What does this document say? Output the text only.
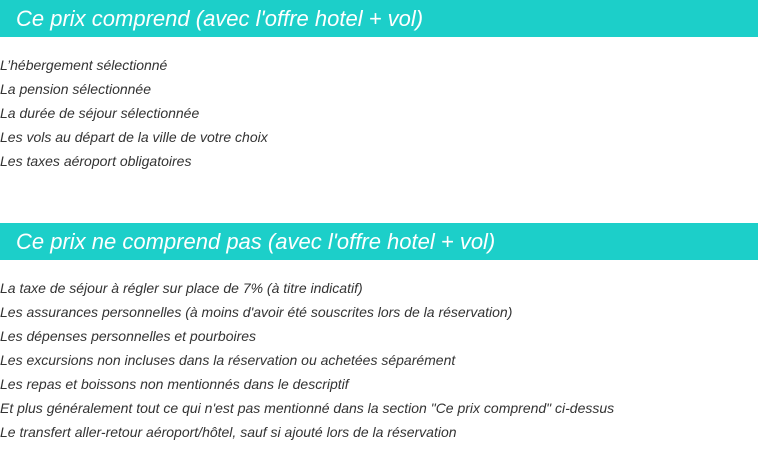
Ce prix comprend (avec l'offre hotel + vol)
L’hébergement sélectionné
La pension sélectionnée
La durée de séjour sélectionnée
Les vols au départ de la ville de votre choix
Les taxes aéroport obligatoires
Ce prix ne comprend pas (avec l'offre hotel + vol)
La taxe de séjour à régler sur place de 7% (à titre indicatif)
Les assurances personnelles (à moins d'avoir été souscrites lors de la réservation)
Les dépenses personnelles et pourboires
Les excursions non incluses dans la réservation ou achetées séparément
Les repas et boissons non mentionnés dans le descriptif
Et plus généralement tout ce qui n'est pas mentionné dans la section "Ce prix comprend" ci-dessus
Le transfert aller-retour aéroport/hôtel, sauf si ajouté lors de la réservation
